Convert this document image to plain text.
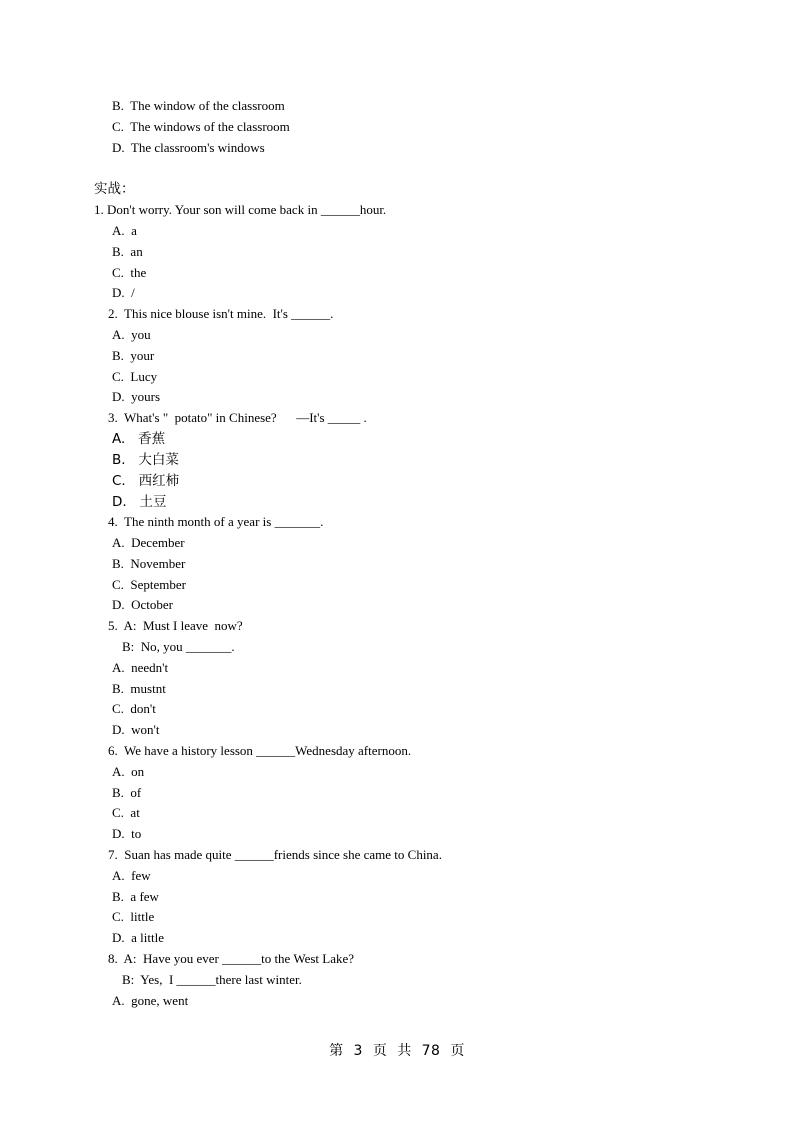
B.  The window of the classroom
C.  The windows of the classroom
D.  The classroom's windows
实战：
1. Don't worry. Your son will come back in ______hour.
A.  a
B.  an
C.  the
D.  /
2.  This nice blouse isn't mine.  It's ______.
A.  you
B.  your
C.  Lucy
D.  yours
3.  What's "  potato" in Chinese?      —It's _____ .
A.   香蕉
B.   大白菜
C.   西红柿
D.   土豆
4.  The ninth month of a year is _______.
A.  December
B.  November
C.  September
D.  October
5.  A:  Must I leave  now?
B:  No, you _______.
A.  needn't
B.  mustnt
C.  don't
D.  won't
6.  We have a history lesson ______Wednesday afternoon.
A.  on
B.  of
C.  at
D.  to
7.  Suan has made quite ______friends since she came to China.
A.  few
B.  a few
C.  little
D.  a little
8.  A:  Have you ever ______to the West Lake?
B:  Yes,  I ______there last winter.
A.  gone, went
第  3  页  共  78  页
